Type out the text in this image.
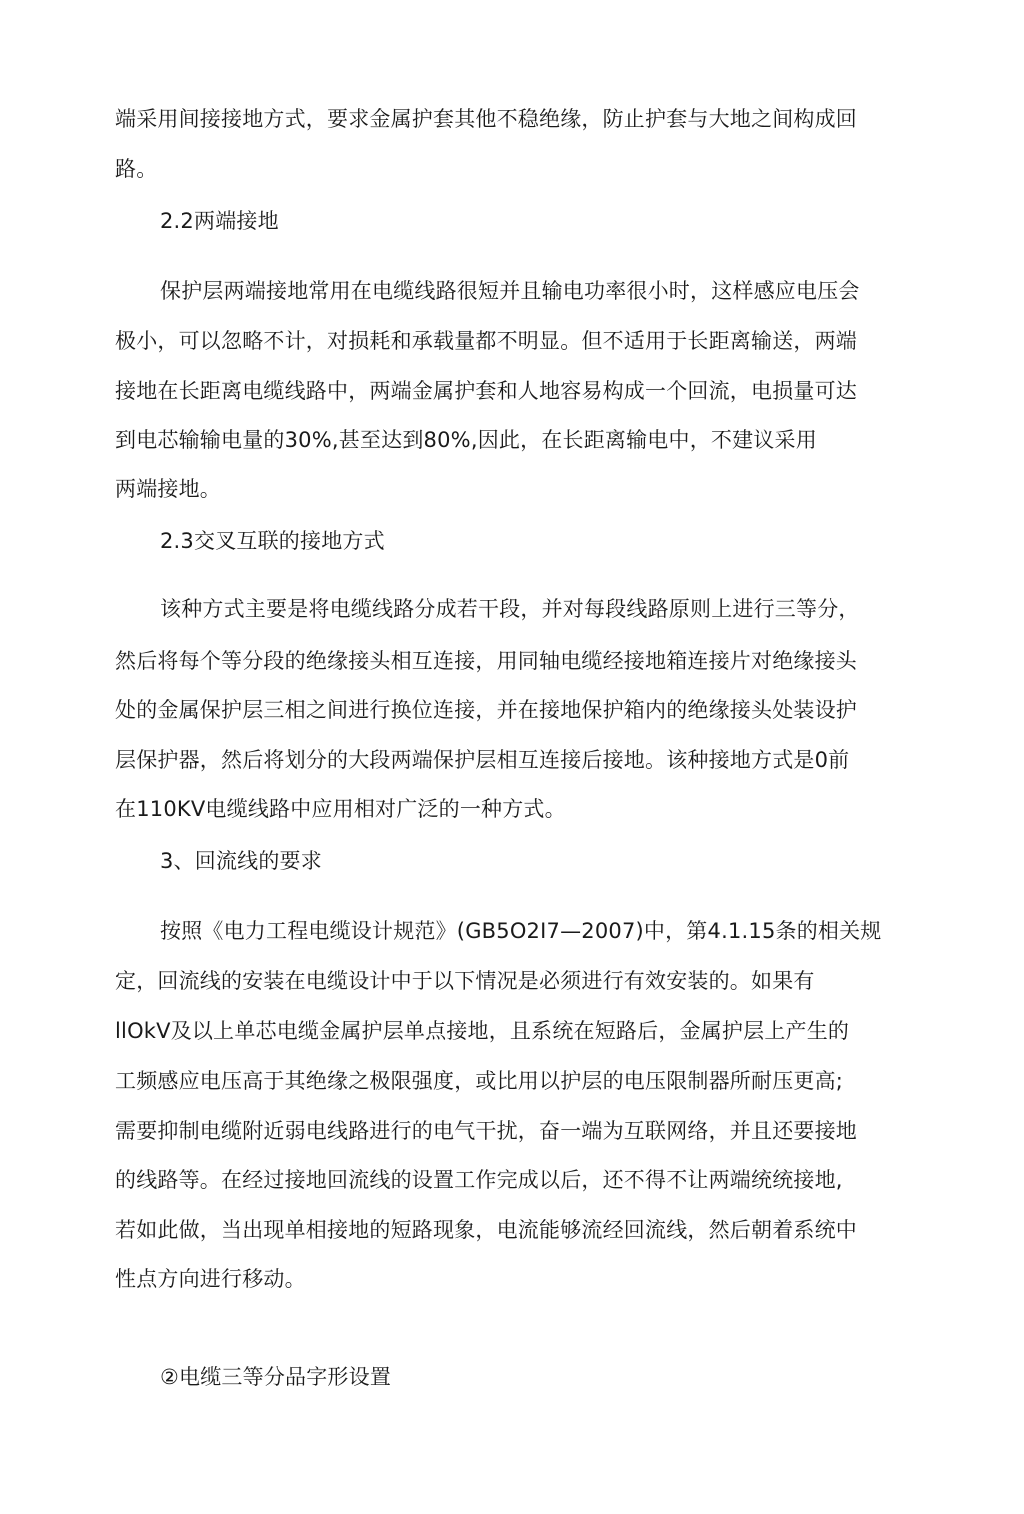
端采用间接接地方式，要求金属护套其他不稳绝缘，防止护套与大地之间构成回
路。
2.2两端接地
保护层两端接地常用在电缆线路很短并且输电功率很小时，这样感应电压会
极小，可以忽略不计，对损耗和承载量都不明显。但不适用于长距离输送，两端
接地在长距离电缆线路中，两端金属护套和人地容易构成一个回流，电损量可达
到电芯输输电量的30%,甚至达到80%,因此，在长距离输电中，不建议采用
两端接地。
2.3交叉互联的接地方式
该种方式主要是将电缆线路分成若干段，并对每段线路原则上进行三等分，
然后将每个等分段的绝缘接头相互连接，用同轴电缆经接地箱连接片对绝缘接头
处的金属保护层三相之间进行换位连接，并在接地保护箱内的绝缘接头处装设护
层保护器，然后将划分的大段两端保护层相互连接后接地。该种接地方式是0前
在110KV电缆线路中应用相对广泛的一种方式。
3、回流线的要求
按照《电力工程电缆设计规范》(GB5O2I7—2007)中，第4.1.15条的相关规
定，回流线的安装在电缆设计中于以下情况是必须进行有效安装的。如果有
llOkV及以上单芯电缆金属护层单点接地，且系统在短路后，金属护层上产生的
工频感应电压高于其绝缘之极限强度，或比用以护层的电压限制器所耐压更高;
需要抑制电缆附近弱电线路进行的电气干扰，奋一端为互联网络，并且还要接地
的线路等。在经过接地回流线的设置工作完成以后，还不得不让两端统统接地,
若如此做，当出现单相接地的短路现象，电流能够流经回流线，然后朝着系统中
性点方向进行移动。
②电缆三等分品字形设置
